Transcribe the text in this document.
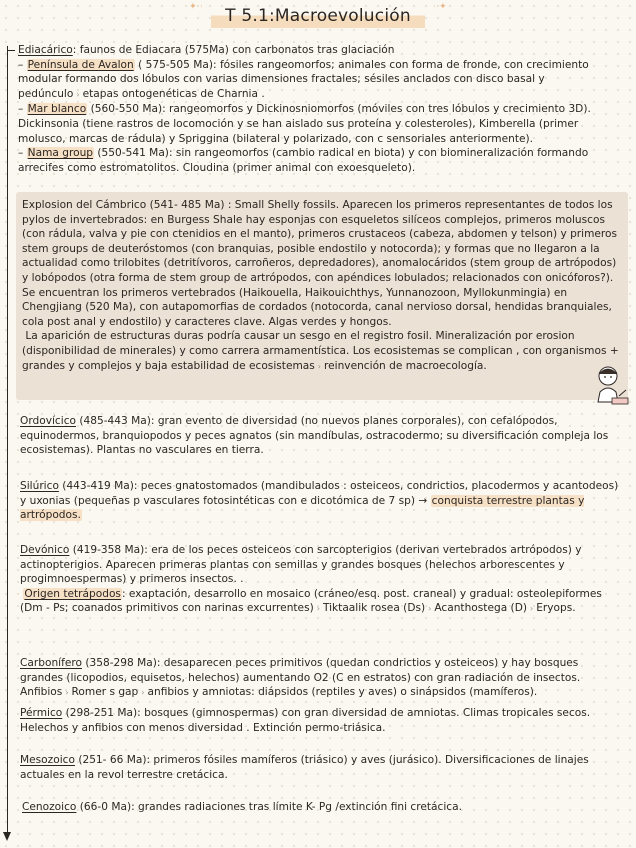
✦ · T 5.1:Macroevolución · ✦

Ediacárico: faunos de Ediacara (575Ma) con carbonatos tras glaciación

– Península de Avalon ( 575-505 Ma): fósiles rangeomorfos; animales con forma de fronde, con crecimiento modular formando dos lóbulos con varias dimensiones fractales; sésiles anclados con disco basal y pedúnculo › etapas ontogenéticas de Charnia .

– Mar blanco (560-550 Ma): rangeomorfos y Dickinosniomorfos (móviles con tres lóbulos y crecimiento 3D). Dickinsonia (tiene rastros de locomoción y se han aislado sus proteína y colesteroles), Kimberella (primer molusco, marcas de rádula) y Spriggina (bilateral y polarizado, con c sensoriales anteriormente).

– Nama group (550-541 Ma): sin rangeomorfos (cambio radical en biota) y con biomineralización formando arrecifes como estromatolitos. Cloudina (primer animal con exoesqueleto).

Explosion del Cámbrico (541- 485 Ma) : Small Shelly fossils. Aparecen los primeros representantes de todos los pylos de invertebrados: en Burgess Shale hay esponjas con esqueletos silíceos complejos, primeros moluscos (con rádula, valva y pie con ctenidios en el manto), primeros crustaceos (cabeza, abdomen y telson) y primeros stem groups de deuteróstomos (con branquias, posible endostilo y notocorda); y formas que no llegaron a la actualidad como trilobites (detritívoros, carroñeros, depredadores), anomalocáridos (stem group de artrópodos) y lobópodos (otra forma de stem group de artrópodos, con apéndices lobulados; relacionados con onicóforos?). Se encuentran los primeros vertebrados (Haikouella, Haikouichthys, Yunnanozoon, Myllokunmingia) en Chengjiang (520 Ma), con autapomorfias de cordados (notocorda, canal nervioso dorsal, hendidas branquiales, cola post anal y endostilo) y caracteres clave. Algas verdes y hongos.

La aparición de estructuras duras podría causar un sesgo en el registro fosil. Mineralización por erosion (disponibilidad de minerales) y como carrera armamentística. Los ecosistemas se complican , con organismos + grandes y complejos y baja estabilidad de ecosistemas › reinvención de macroecología.

Ordovícico (485-443 Ma): gran evento de diversidad (no nuevos planes corporales), con cefalópodos, equinodermos, branquiopodos y peces agnatos (sin mandíbulas, ostracodermo; su diversificación compleja los ecosistemas). Plantas no vasculares en tierra.

Silúrico (443-419 Ma): peces gnatostomados (mandibulados : osteiceos, condrictios, placodermos y acantodeos) y uxonias (pequeñas p vasculares fotosintéticas con e dicotómica de 7 sp) → conquista terrestre plantas y artrópodos.

Devónico (419-358 Ma): era de los peces osteiceos con sarcopterigios (derivan vertebrados artrópodos) y actinopterigios. Aparecen primeras plantas con semillas y grandes bosques (helechos arborescentes y progimnoespermas) y primeros insectos. .

Origen tetrápodos: exaptación, desarrollo en mosaico (cráneo/esq. post. craneal) y gradual: osteolepiformes (Dm - Ps; coanados primitivos con narinas excurrentes) › Tiktaalik rosea (Ds) › Acanthostega (D) › Eryops.

Carbonífero (358-298 Ma): desaparecen peces primitivos (quedan condrictios y osteiceos) y hay bosques grandes (licopodios, equisetos, helechos) aumentando O2 (C en estratos) con gran radiación de insectos. Anfibios › Romer s gap › anfibios y amniotas: diápsidos (reptiles y aves) o sinápsidos (mamíferos).

Pérmico (298-251 Ma): bosques (gimnospermas) con gran diversidad de amniotas. Climas tropicales secos. Helechos y anfibios con menos diversidad . Extinción permo-triásica.

Mesozoico (251- 66 Ma): primeros fósiles mamíferos (triásico) y aves (jurásico). Diversificaciones de linajes actuales en la revol terrestre cretácica.

Cenozoico (66-0 Ma): grandes radiaciones tras límite K- Pg /extinción fini cretácica.
